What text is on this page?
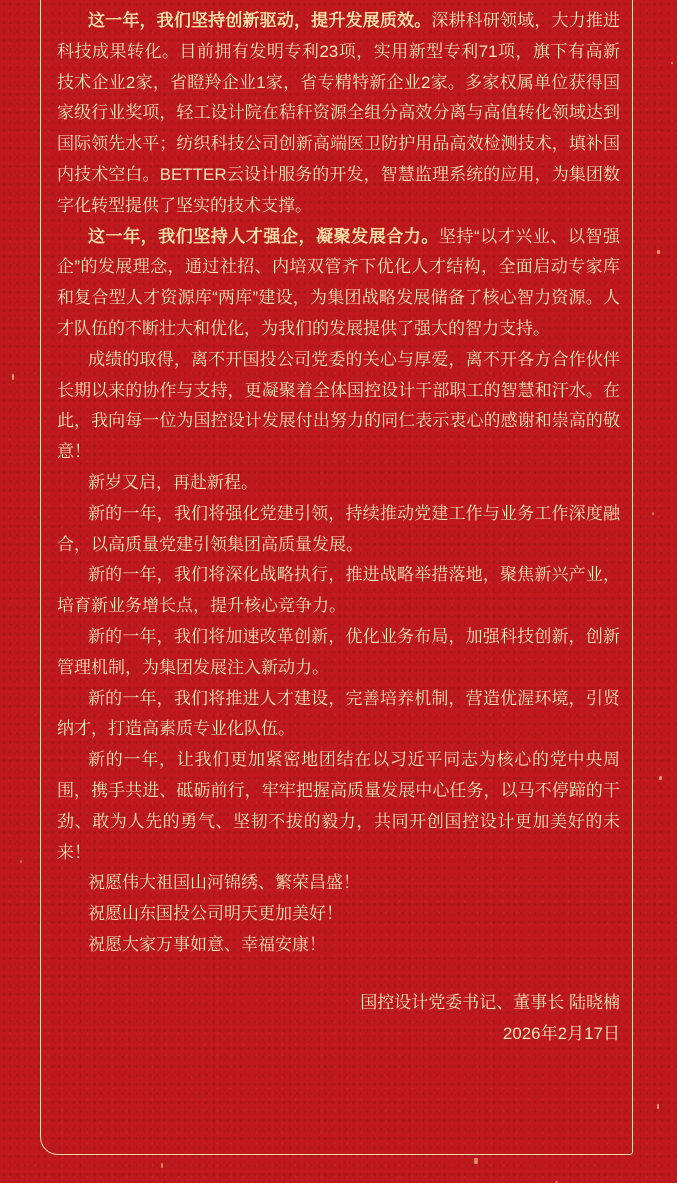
这一年，我们坚持创新驱动，提升发展质效。深耕科研领域，大力推进科技成果转化。目前拥有发明专利23项，实用新型专利71项，旗下有高新技术企业2家，省瞪羚企业1家，省专精特新企业2家。多家权属单位获得国家级行业奖项，轻工设计院在秸秆资源全组分高效分离与高值转化领域达到国际领先水平；纺织科技公司创新高端医卫防护用品高效检测技术，填补国内技术空白。BETTER云设计服务的开发，智慧监理系统的应用，为集团数字化转型提供了坚实的技术支撑。

这一年，我们坚持人才强企，凝聚发展合力。坚持“以才兴业、以智强企”的发展理念，通过社招、内培双管齐下优化人才结构，全面启动专家库和复合型人才资源库“两库”建设，为集团战略发展储备了核心智力资源。人才队伍的不断壮大和优化，为我们的发展提供了强大的智力支持。

成绩的取得，离不开国投公司党委的关心与厚爱，离不开各方合作伙伴长期以来的协作与支持，更凝聚着全体国控设计干部职工的智慧和汗水。在此，我向每一位为国控设计发展付出努力的同仁表示衷心的感谢和崇高的敬意！

新岁又启，再赴新程。

新的一年，我们将强化党建引领，持续推动党建工作与业务工作深度融合，以高质量党建引领集团高质量发展。

新的一年，我们将深化战略执行，推进战略举措落地，聚焦新兴产业，培育新业务增长点，提升核心竞争力。

新的一年，我们将加速改革创新，优化业务布局，加强科技创新，创新管理机制，为集团发展注入新动力。

新的一年，我们将推进人才建设，完善培养机制，营造优渥环境，引贤纳才，打造高素质专业化队伍。

新的一年，让我们更加紧密地团结在以习近平同志为核心的党中央周围，携手共进、砥砺前行，牢牢把握高质量发展中心任务，以马不停蹄的干劲、敢为人先的勇气、坚韧不拔的毅力，共同开创国控设计更加美好的未来！

祝愿伟大祖国山河锦绣、繁荣昌盛！

祝愿山东国投公司明天更加美好！

祝愿大家万事如意、幸福安康！

国控设计党委书记、董事长 陆晓楠
2026年2月17日
